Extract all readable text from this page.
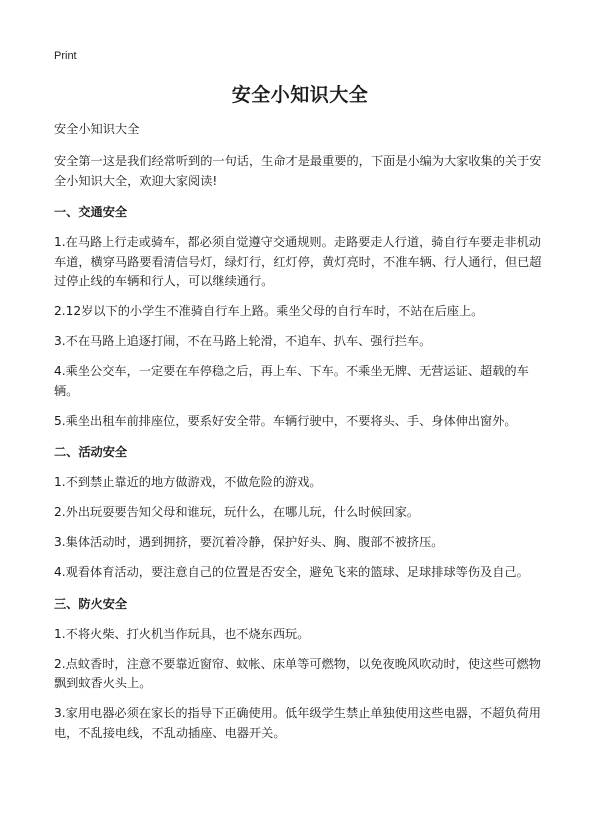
Print
安全小知识大全
安全小知识大全

安全第一这是我们经常听到的一句话，生命才是最重要的，下面是小编为大家收集的关于安全小知识大全，欢迎大家阅读!

一、交通安全

1.在马路上行走或骑车，都必须自觉遵守交通规则。走路要走人行道，骑自行车要走非机动车道，横穿马路要看清信号灯，绿灯行，红灯停，黄灯亮时，不准车辆、行人通行，但已超过停止线的车辆和行人，可以继续通行。

2.12岁以下的小学生不准骑自行车上路。乘坐父母的自行车时，不站在后座上。

3.不在马路上追逐打闹，不在马路上轮滑，不追车、扒车、强行拦车。

4.乘坐公交车，一定要在车停稳之后，再上车、下车。不乘坐无牌、无营运证、超载的车辆。

5.乘坐出租车前排座位，要系好安全带。车辆行驶中，不要将头、手、身体伸出窗外。

二、活动安全

1.不到禁止靠近的地方做游戏，不做危险的游戏。

2.外出玩耍要告知父母和谁玩，玩什么，在哪儿玩，什么时候回家。

3.集体活动时，遇到拥挤，要沉着冷静，保护好头、胸、腹部不被挤压。

4.观看体育活动，要注意自己的位置是否安全，避免飞来的篮球、足球排球等伤及自己。

三、防火安全

1.不将火柴、打火机当作玩具，也不烧东西玩。

2.点蚊香时，注意不要靠近窗帘、蚊帐、床单等可燃物，以免夜晚风吹动时，使这些可燃物飘到蚊香火头上。

3.家用电器必须在家长的指导下正确使用。低年级学生禁止单独使用这些电器，不超负荷用电，不乱接电线，不乱动插座、电器开关。
